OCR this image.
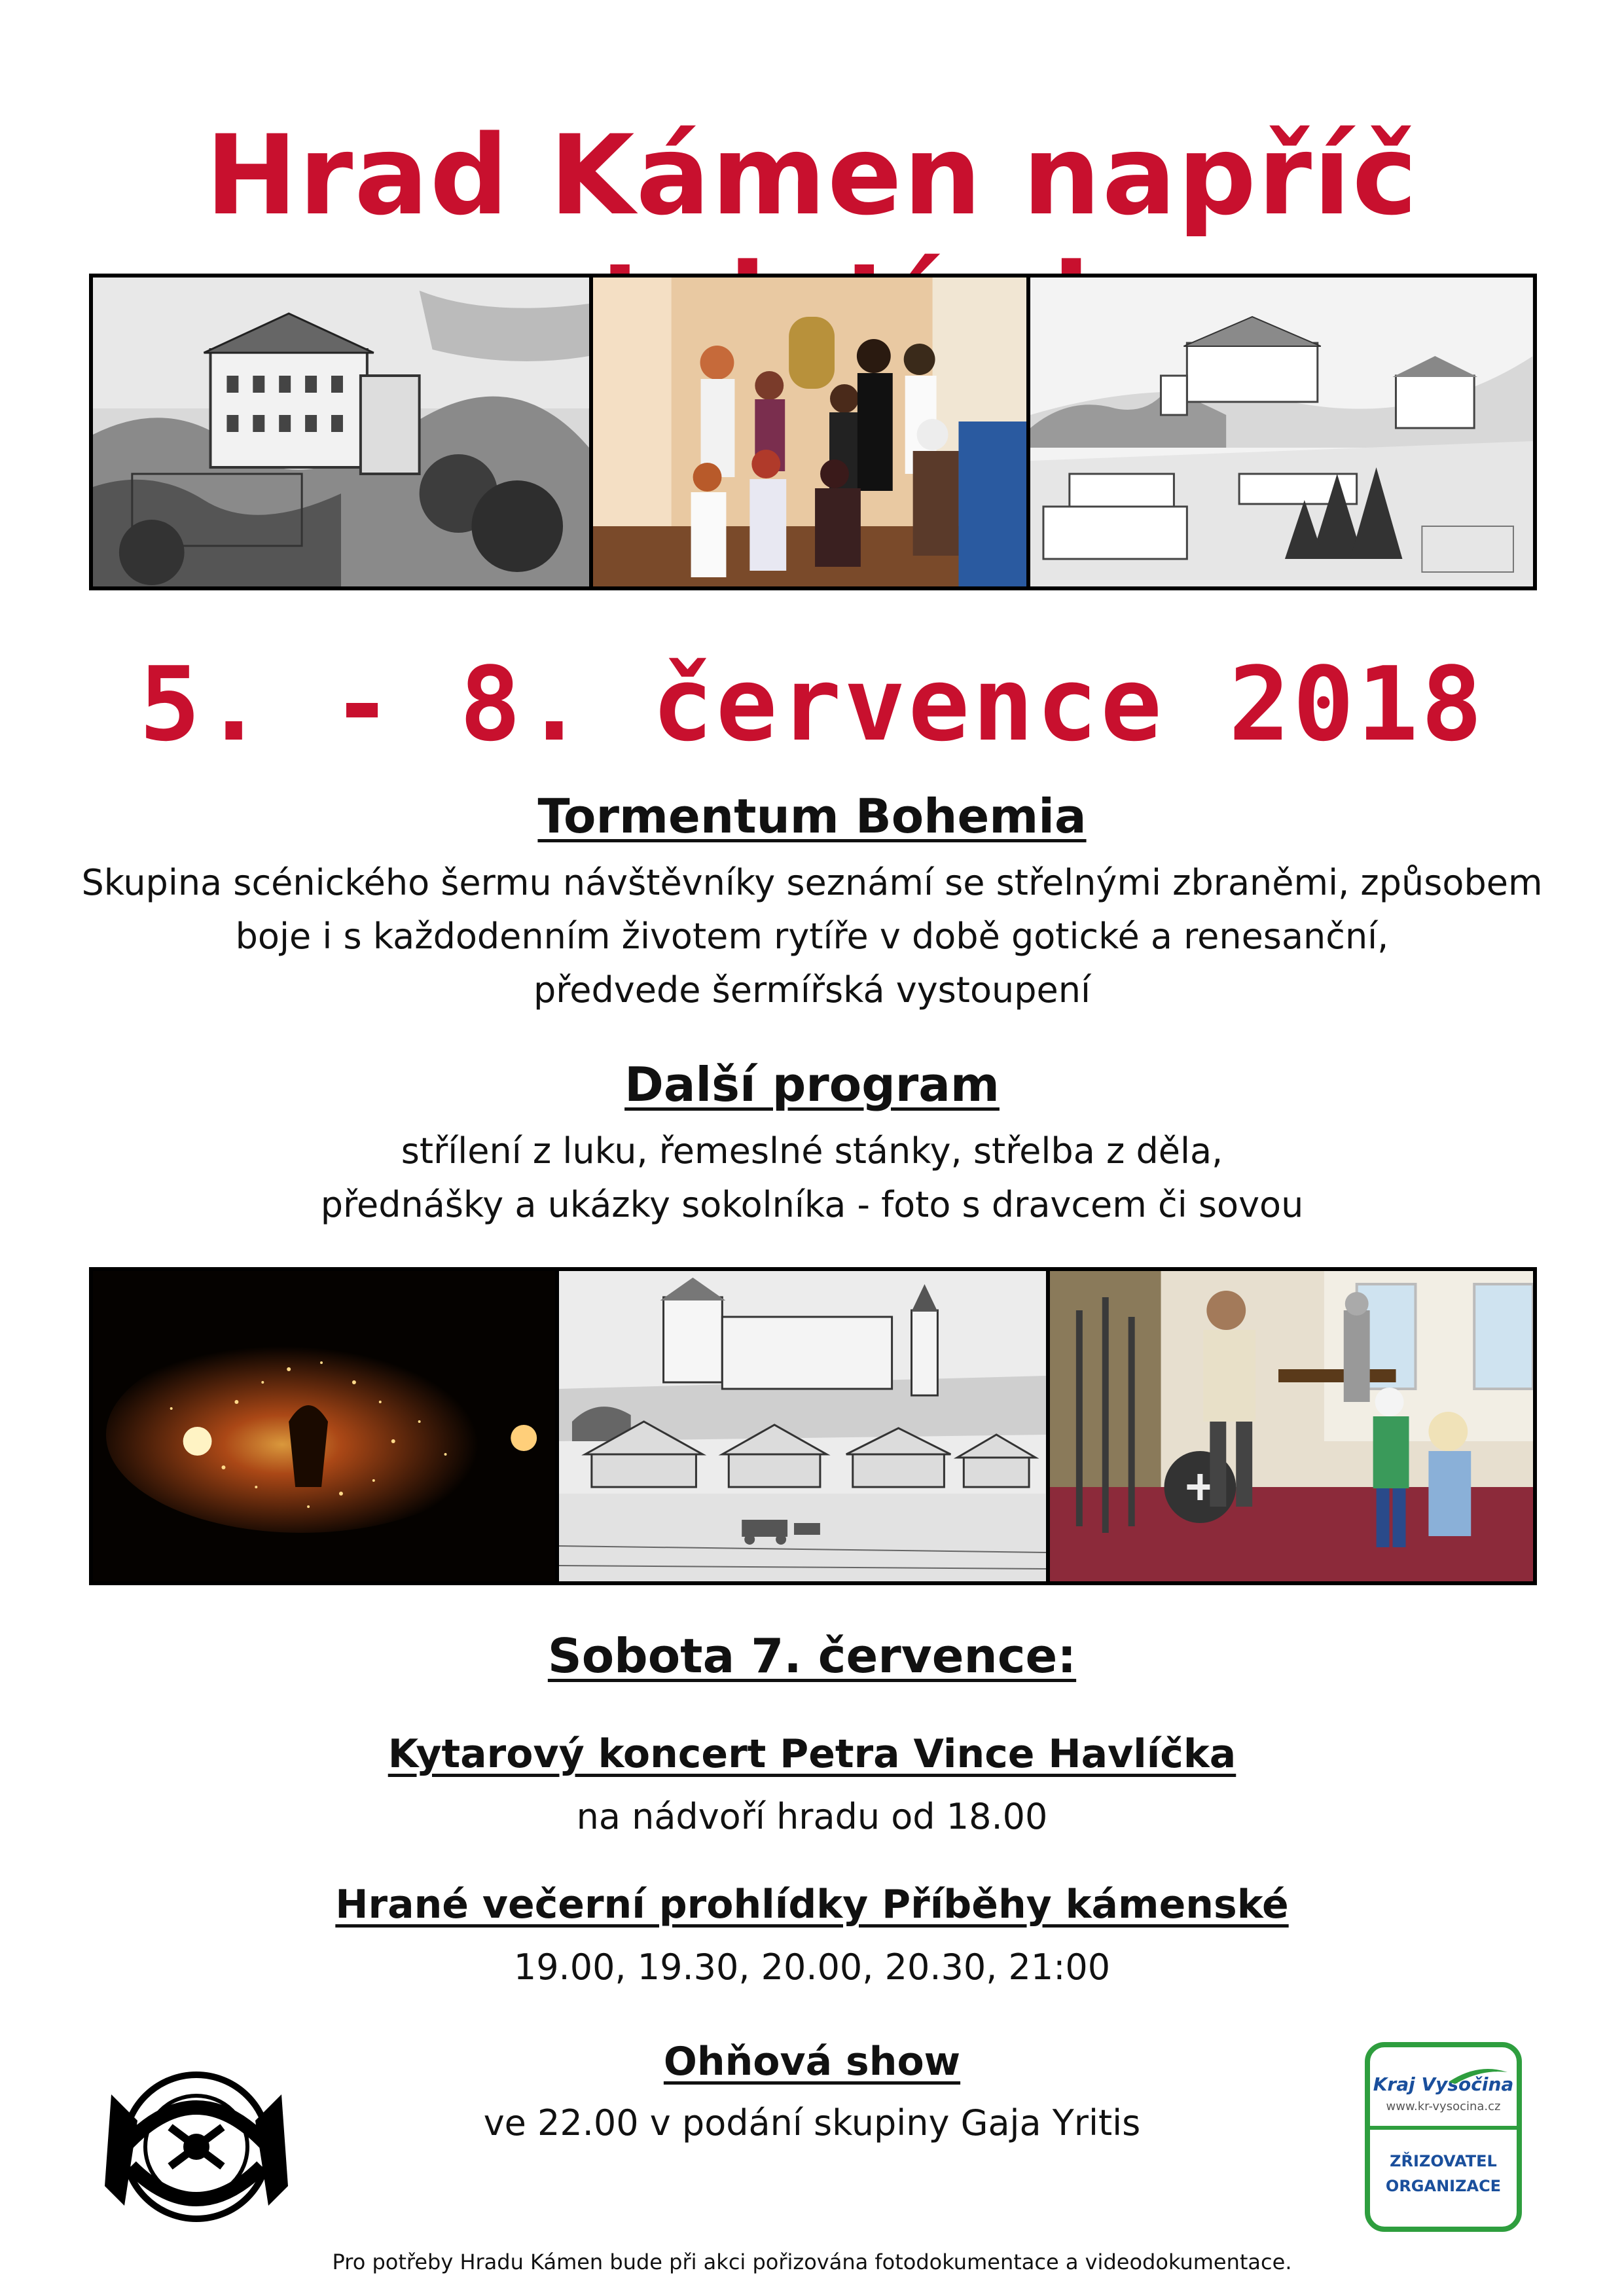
Hrad Kámen napříč
5. - 8. července 2018
Tormentum Bohemia
Skupina scénického šermu návštěvníky seznámí se střelnými zbraněmi, způsobem
boje i s každodenním životem rytíře v době gotické a renesanční,
předvede šermířská vystoupení
Další program
střílení z luku, řemeslné stánky, střelba z děla,
přednášky a ukázky sokolníka - foto s dravcem či sovou
Sobota 7. července:
Kytarový koncert Petra Vince Havlíčka
na nádvoří hradu od 18.00
Hrané večerní prohlídky Příběhy kámenské
19.00, 19.30, 20.00, 20.30, 21:00
Ohňová show
ve 22.00 v podání skupiny Gaja Yritis
Kraj Vysočina
www.kr-vysocina.cz
ZŘIZOVATEL
ORGANIZACE
Pro potřeby Hradu Kámen bude při akci pořizována fotodokumentace a videodokumentace.
